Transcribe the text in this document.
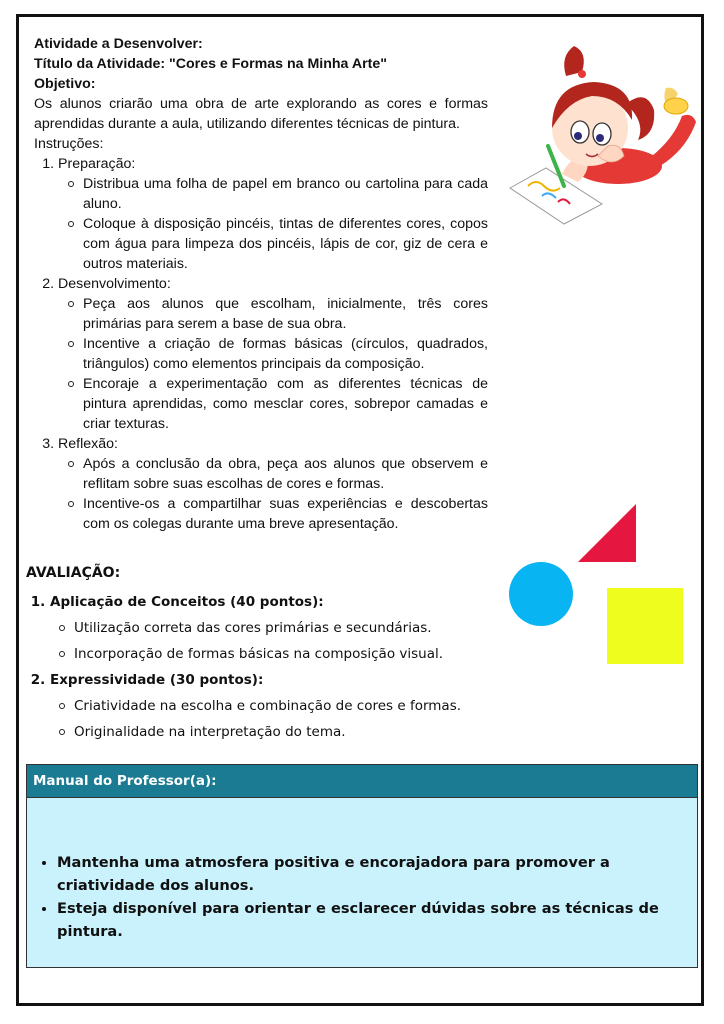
Atividade a Desenvolver:

Título da Atividade: "Cores e Formas na Minha Arte"

Objetivo:

Os alunos criarão uma obra de arte explorando as cores e formas aprendidas durante a aula, utilizando diferentes técnicas de pintura.

Instruções:

1. Preparação:
Distribua uma folha de papel em branco ou cartolina para cada aluno.
Coloque à disposição pincéis, tintas de diferentes cores, copos com água para limpeza dos pincéis, lápis de cor, giz de cera e outros materiais.
2. Desenvolvimento:
Peça aos alunos que escolham, inicialmente, três cores primárias para serem a base de sua obra.
Incentive a criação de formas básicas (círculos, quadrados, triângulos) como elementos principais da composição.
Encoraje a experimentação com as diferentes técnicas de pintura aprendidas, como mesclar cores, sobrepor camadas e criar texturas.
3. Reflexão:
Após a conclusão da obra, peça aos alunos que observem e reflitam sobre suas escolhas de cores e formas.
Incentive-os a compartilhar suas experiências e descobertas com os colegas durante uma breve apresentação.

AVALIAÇÃO:

1. Aplicação de Conceitos (40 pontos):
Utilização correta das cores primárias e secundárias.
Incorporação de formas básicas na composição visual.
2. Expressividade (30 pontos):
Criatividade na escolha e combinação de cores e formas.
Originalidade na interpretação do tema.
Manual do Professor(a):
• Mantenha uma atmosfera positiva e encorajadora para promover a criatividade dos alunos.
• Esteja disponível para orientar e esclarecer dúvidas sobre as técnicas de pintura.
